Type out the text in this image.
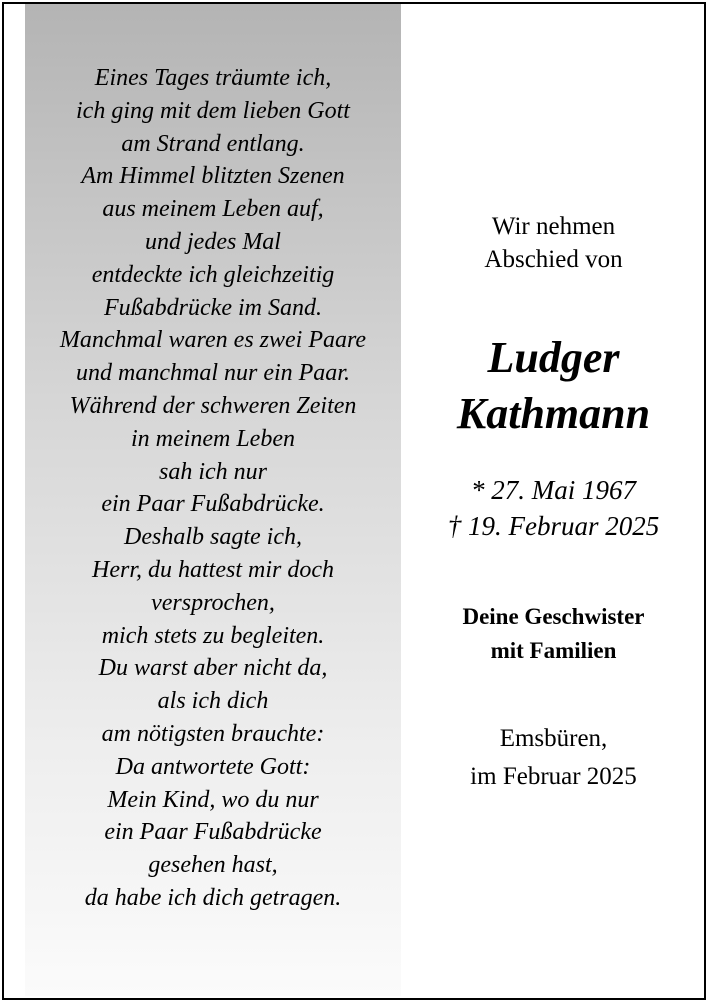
Eines Tages träumte ich,
ich ging mit dem lieben Gott
am Strand entlang.
Am Himmel blitzten Szenen
aus meinem Leben auf,
und jedes Mal
entdeckte ich gleichzeitig
Fußabdrücke im Sand.
Manchmal waren es zwei Paare
und manchmal nur ein Paar.
Während der schweren Zeiten
in meinem Leben
sah ich nur
ein Paar Fußabdrücke.
Deshalb sagte ich,
Herr, du hattest mir doch
versprochen,
mich stets zu begleiten.
Du warst aber nicht da,
als ich dich
am nötigsten brauchte:
Da antwortete Gott:
Mein Kind, wo du nur
ein Paar Fußabdrücke
gesehen hast,
da habe ich dich getragen.
Wir nehmen
Abschied von
Ludger
Kathmann
* 27. Mai 1967
† 19. Februar 2025
Deine Geschwister
mit Familien
Emsbüren,
im Februar 2025
